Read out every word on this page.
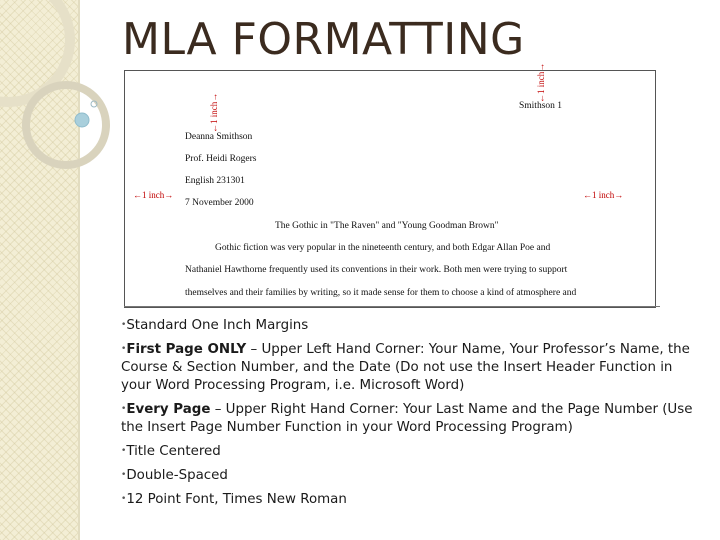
MLA FORMATTING
←1 inch→
←1 inch→	Smithson 1
Deanna Smithson
Prof. Heidi Rogers
English 231301
7 November 2000
←1 inch→	←1 inch→
The Gothic in "The Raven" and "Young Goodman Brown"
Gothic fiction was very popular in the nineteenth century, and both Edgar Allan Poe and
Nathaniel Hawthorne frequently used its conventions in their work. Both men were trying to support
themselves and their families by writing, so it made sense for them to choose a kind of atmosphere and
•Standard One Inch Margins
•First Page ONLY – Upper Left Hand Corner: Your Name, Your Professor’s Name, the Course & Section Number, and the Date (Do not use the Insert Header Function in your Word Processing Program, i.e. Microsoft Word)
•Every Page – Upper Right Hand Corner: Your Last Name and the Page Number (Use the Insert Page Number Function in your Word Processing Program)
•Title Centered
•Double-Spaced
•12 Point Font, Times New Roman
